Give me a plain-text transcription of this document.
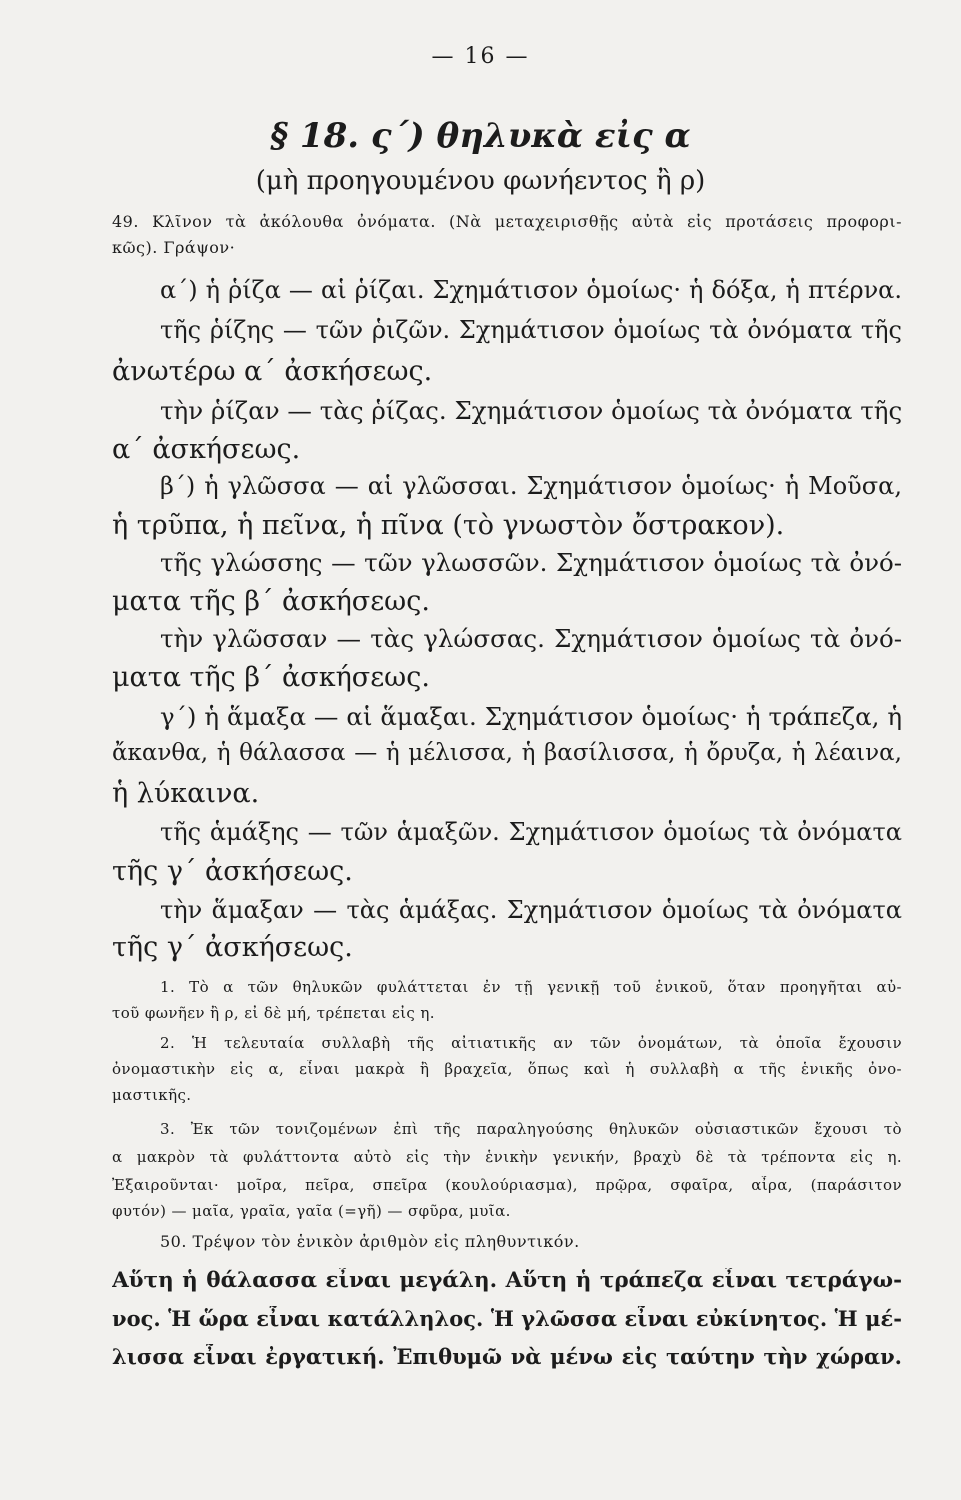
— 16 —
§ 18. ς´) θηλυκὰ εἰς α
(μὴ προηγουμένου φωνήεντος ἢ ρ)
49. Κλῖνον τὰ ἀκόλουθα ὀνόματα. (Νὰ μεταχειρισθῇς αὐτὰ εἰς προτάσεις προφορι-
κῶς). Γράψον·
α΄) ἡ ῥίζα — αἱ ῥίζαι. Σχημάτισον ὁμοίως· ἡ δόξα, ἡ πτέρνα.
τῆς ῥίζης — τῶν ῥιζῶν. Σχημάτισον ὁμοίως τὰ ὀνόματα τῆς
ἀνωτέρω α΄ ἀσκήσεως.
τὴν ῥίζαν — τὰς ῥίζας. Σχημάτισον ὁμοίως τὰ ὀνόματα τῆς
α΄ ἀσκήσεως.
β΄) ἡ γλῶσσα — αἱ γλῶσσαι. Σχημάτισον ὁμοίως· ἡ Μοῦσα,
ἡ τρῦπα, ἡ πεῖνα, ἡ πῖνα (τὸ γνωστὸν ὄστρακον).
τῆς γλώσσης — τῶν γλωσσῶν. Σχημάτισον ὁμοίως τὰ ὀνό-
ματα τῆς β΄ ἀσκήσεως.
τὴν γλῶσσαν — τὰς γλώσσας. Σχημάτισον ὁμοίως τὰ ὀνό-
ματα τῆς β΄ ἀσκήσεως.
γ΄) ἡ ἅμαξα — αἱ ἅμαξαι. Σχημάτισον ὁμοίως· ἡ τράπεζα, ἡ
ἄκανθα, ἡ θάλασσα — ἡ μέλισσα, ἡ βασίλισσα, ἡ ὄρυζα, ἡ λέαινα,
ἡ λύκαινα.
τῆς ἁμάξης — τῶν ἁμαξῶν. Σχημάτισον ὁμοίως τὰ ὀνόματα
τῆς γ΄ ἀσκήσεως.
τὴν ἅμαξαν — τὰς ἁμάξας. Σχημάτισον ὁμοίως τὰ ὀνόματα
τῆς γ΄ ἀσκήσεως.
1. Τὸ α τῶν θηλυκῶν φυλάττεται ἐν τῇ γενικῇ τοῦ ἑνικοῦ, ὅταν προηγῆται αὐ-
τοῦ φωνῆεν ἢ ρ, εἰ δὲ μή, τρέπεται εἰς η.
2. Ἡ τελευταία συλλαβὴ τῆς αἰτιατικῆς αν τῶν ὀνομάτων, τὰ ὁποῖα ἔχουσιν
ὀνομαστικὴν εἰς α, εἶναι μακρὰ ἢ βραχεῖα, ὅπως καὶ ἡ συλλαβὴ α τῆς ἑνικῆς ὀνο-
μαστικῆς.
3. Ἐκ τῶν τονιζομένων ἐπὶ τῆς παραληγούσης θηλυκῶν οὐσιαστικῶν ἔχουσι τὸ
α μακρὸν τὰ φυλάττοντα αὐτὸ εἰς τὴν ἑνικὴν γενικήν, βραχὺ δὲ τὰ τρέποντα εἰς η.
Ἐξαιροῦνται· μοῖρα, πεῖρα, σπεῖρα (κουλούριασμα), πρῷρα, σφαῖρα, αἶρα, (παράσιτον
φυτόν) — μαῖα, γραῖα, γαῖα (=γῆ) — σφῦρα, μυῖα.
50. Τρέψον τὸν ἑνικὸν ἀριθμὸν εἰς πληθυντικόν.
Αὕτη ἡ θάλασσα εἶναι μεγάλη. Αὕτη ἡ τράπεζα εἶναι τετράγω-
νος. Ἡ ὥρα εἶναι κατάλληλος. Ἡ γλῶσσα εἶναι εὐκίνητος. Ἡ μέ-
λισσα εἶναι ἐργατική. Ἐπιθυμῶ νὰ μένω εἰς ταύτην τὴν χώραν.
